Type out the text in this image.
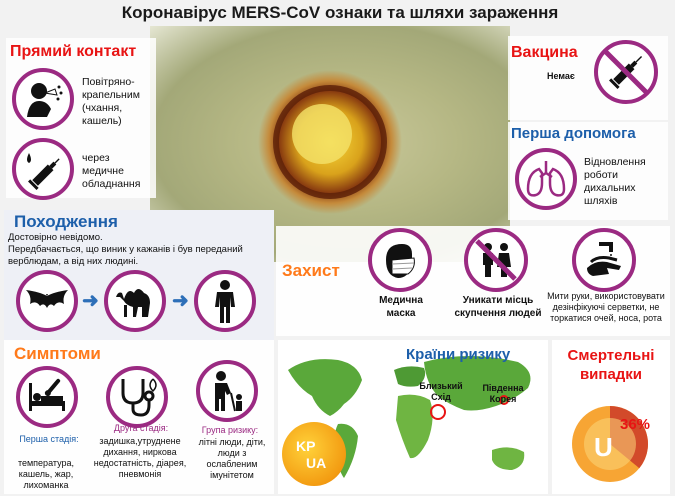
Коронавірус MERS-CoV ознаки та шляхи зараження
Прямий контакт
Повітряно-крапельним (чхання, кашель)
через медичне обладнання
Походження
Достовірно невідомо.
Передбачається, що виник у кажанів і був переданий верблюдам, а від них людині.
➜	➜
Симптоми
Перша стадія:
температура, кашель, жар, лихоманка
Друга стадія:
задишка,утруднене дихання, ниркова недостатність, діарея, пневмонія
Група ризику:
літні люди, діти, люди з ослабленим імунітетом
Вакцина
Немає
Перша допомога
Відновлення роботи дихальних шляхів
Захист
Медична маска
Уникати місць скупчення людей
Мити руки, використовувати дезінфікуючі серветки, не торкатися очей, носа, рота
Країни ризику
Близький Схід
Південна Корея
KP
UA
Смертельні випадки
U
36%
